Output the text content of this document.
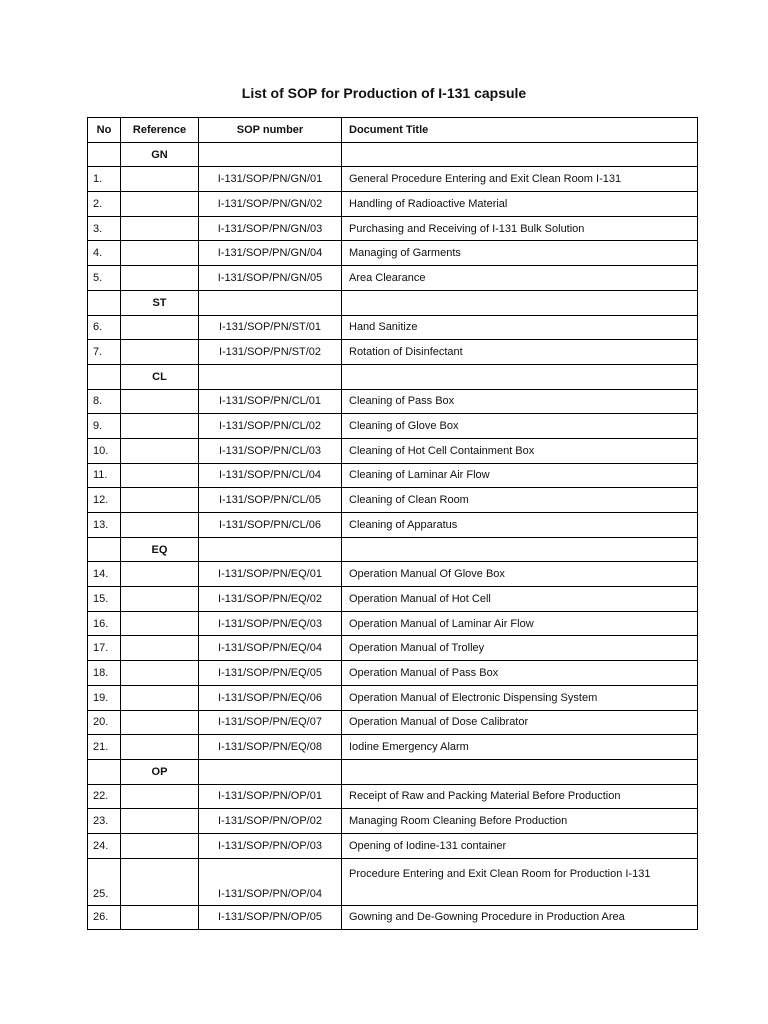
List of SOP for Production of I-131 capsule
No	Reference	SOP number	Document Title
	GN		
1.		I-131/SOP/PN/GN/01	General Procedure Entering and Exit Clean Room I-131
2.		I-131/SOP/PN/GN/02	Handling of Radioactive Material
3.		I-131/SOP/PN/GN/03	Purchasing and Receiving of I-131 Bulk Solution
4.		I-131/SOP/PN/GN/04	Managing of Garments
5.		I-131/SOP/PN/GN/05	Area Clearance
	ST		
6.		I-131/SOP/PN/ST/01	Hand Sanitize
7.		I-131/SOP/PN/ST/02	Rotation of Disinfectant
	CL		
8.		I-131/SOP/PN/CL/01	Cleaning of Pass Box
9.		I-131/SOP/PN/CL/02	Cleaning of Glove Box
10.		I-131/SOP/PN/CL/03	Cleaning of Hot Cell Containment Box
11.		I-131/SOP/PN/CL/04	Cleaning of Laminar Air Flow
12.		I-131/SOP/PN/CL/05	Cleaning of Clean Room
13.		I-131/SOP/PN/CL/06	Cleaning of Apparatus
	EQ		
14.		I-131/SOP/PN/EQ/01	Operation Manual Of Glove Box
15.		I-131/SOP/PN/EQ/02	Operation Manual of Hot Cell
16.		I-131/SOP/PN/EQ/03	Operation Manual of Laminar Air Flow
17.		I-131/SOP/PN/EQ/04	Operation Manual of Trolley
18.		I-131/SOP/PN/EQ/05	Operation Manual of Pass Box
19.		I-131/SOP/PN/EQ/06	Operation Manual of Electronic Dispensing System
20.		I-131/SOP/PN/EQ/07	Operation Manual of Dose Calibrator
21.		I-131/SOP/PN/EQ/08	Iodine Emergency Alarm
	OP		
22.		I-131/SOP/PN/OP/01	Receipt of Raw and Packing Material Before Production
23.		I-131/SOP/PN/OP/02	Managing Room Cleaning Before Production
24.		I-131/SOP/PN/OP/03	Opening of Iodine-131 container
25.		I-131/SOP/PN/OP/04	Procedure Entering and Exit Clean Room for Production I-131
26.		I-131/SOP/PN/OP/05	Gowning and De-Gowning Procedure in Production Area
